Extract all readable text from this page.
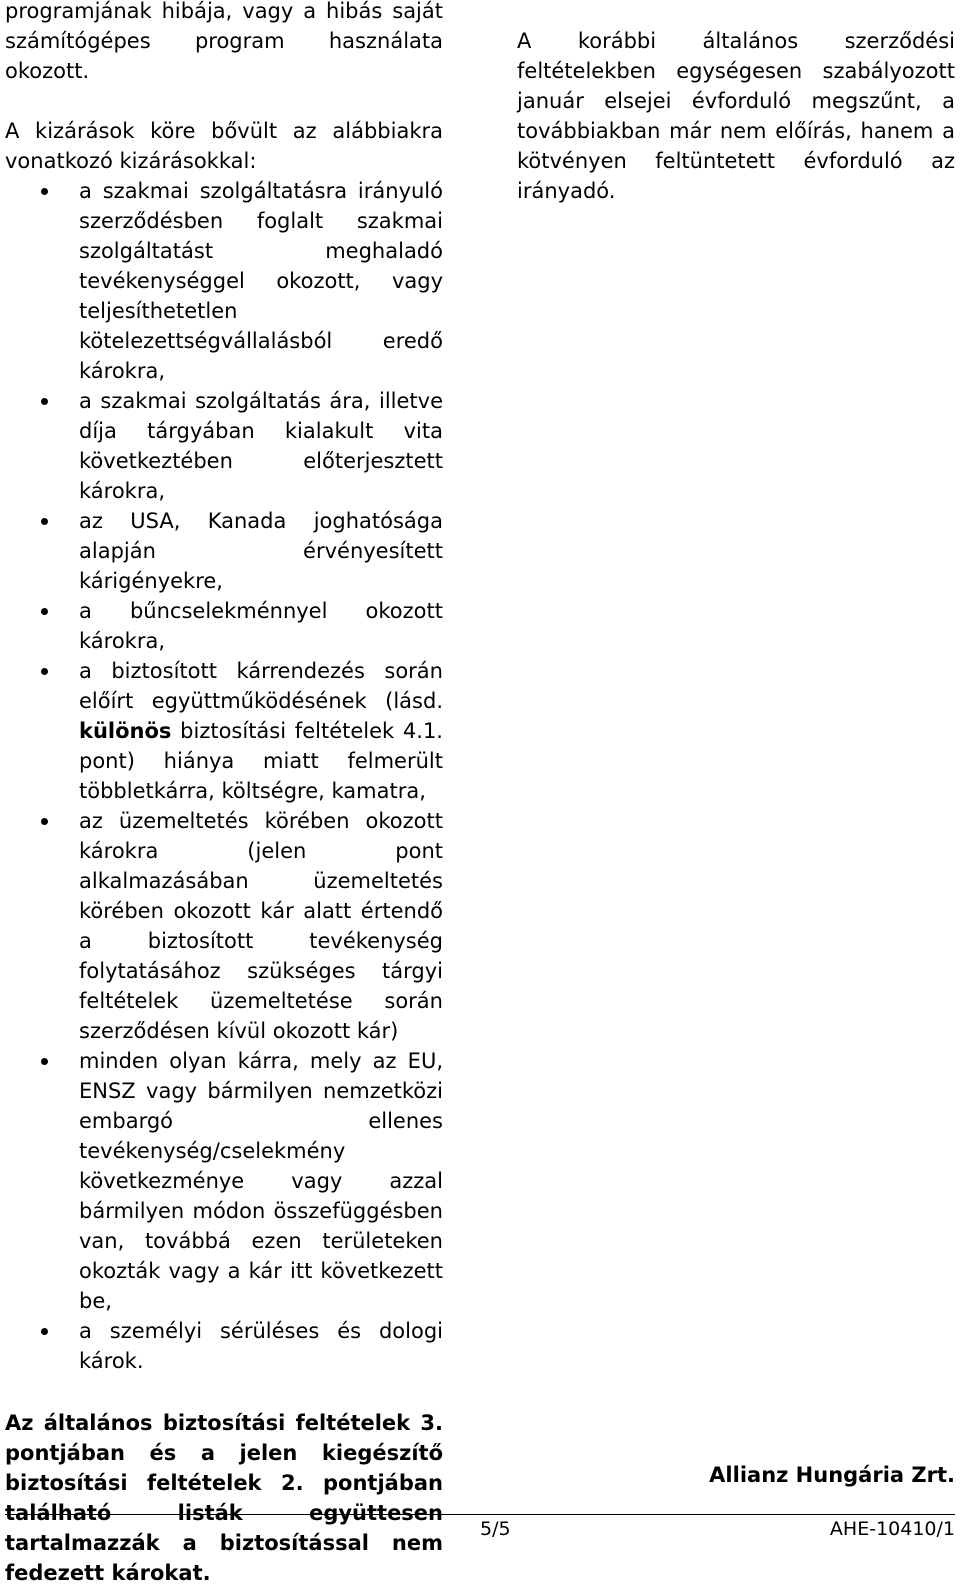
programjának hibája, vagy a hibás saját számítógépes program használata okozott.

A kizárások köre bővült az alábbiakra vonatkozó kizárásokkal:

a szakmai szolgáltatásra irányuló szerződésben foglalt szakmai szolgáltatást meghaladó tevékenységgel okozott, vagy teljesíthetetlen kötelezettségvállalásból eredő károkra,
a szakmai szolgáltatás ára, illetve díja tárgyában kialakult vita következtében előterjesztett károkra,
az USA, Kanada joghatósága alapján érvényesített kárigényekre,
a bűncselekménnyel okozott károkra,
a biztosított kárrendezés során előírt együttműködésének (lásd. különös biztosítási feltételek 4.1. pont) hiánya miatt felmerült többletkárra, költségre, kamatra,
az üzemeltetés körében okozott károkra (jelen pont alkalmazásában üzemeltetés körében okozott kár alatt értendő a biztosított tevékenység folytatásához szükséges tárgyi feltételek üzemeltetése során szerződésen kívül okozott kár)
minden olyan kárra, mely az EU, ENSZ vagy bármilyen nemzetközi embargó ellenes tevékenység/cselekmény következménye vagy azzal bármilyen módon összefüggésben van, továbbá ezen területeken okozták vagy a kár itt következett be,
a személyi sérüléses és dologi károk.

Az általános biztosítási feltételek 3. pontjában és a jelen kiegészítő biztosítási feltételek 2. pontjában található listák együttesen tartalmazzák a biztosítással nem fedezett károkat.

A korábbi általános szerződési feltételekben egységesen szabályozott január elsejei évforduló megszűnt, a továbbiakban már nem előírás, hanem a kötvényen feltüntetett évforduló az irányadó.

Allianz Hungária Zrt.
5/5	AHE-10410/1
